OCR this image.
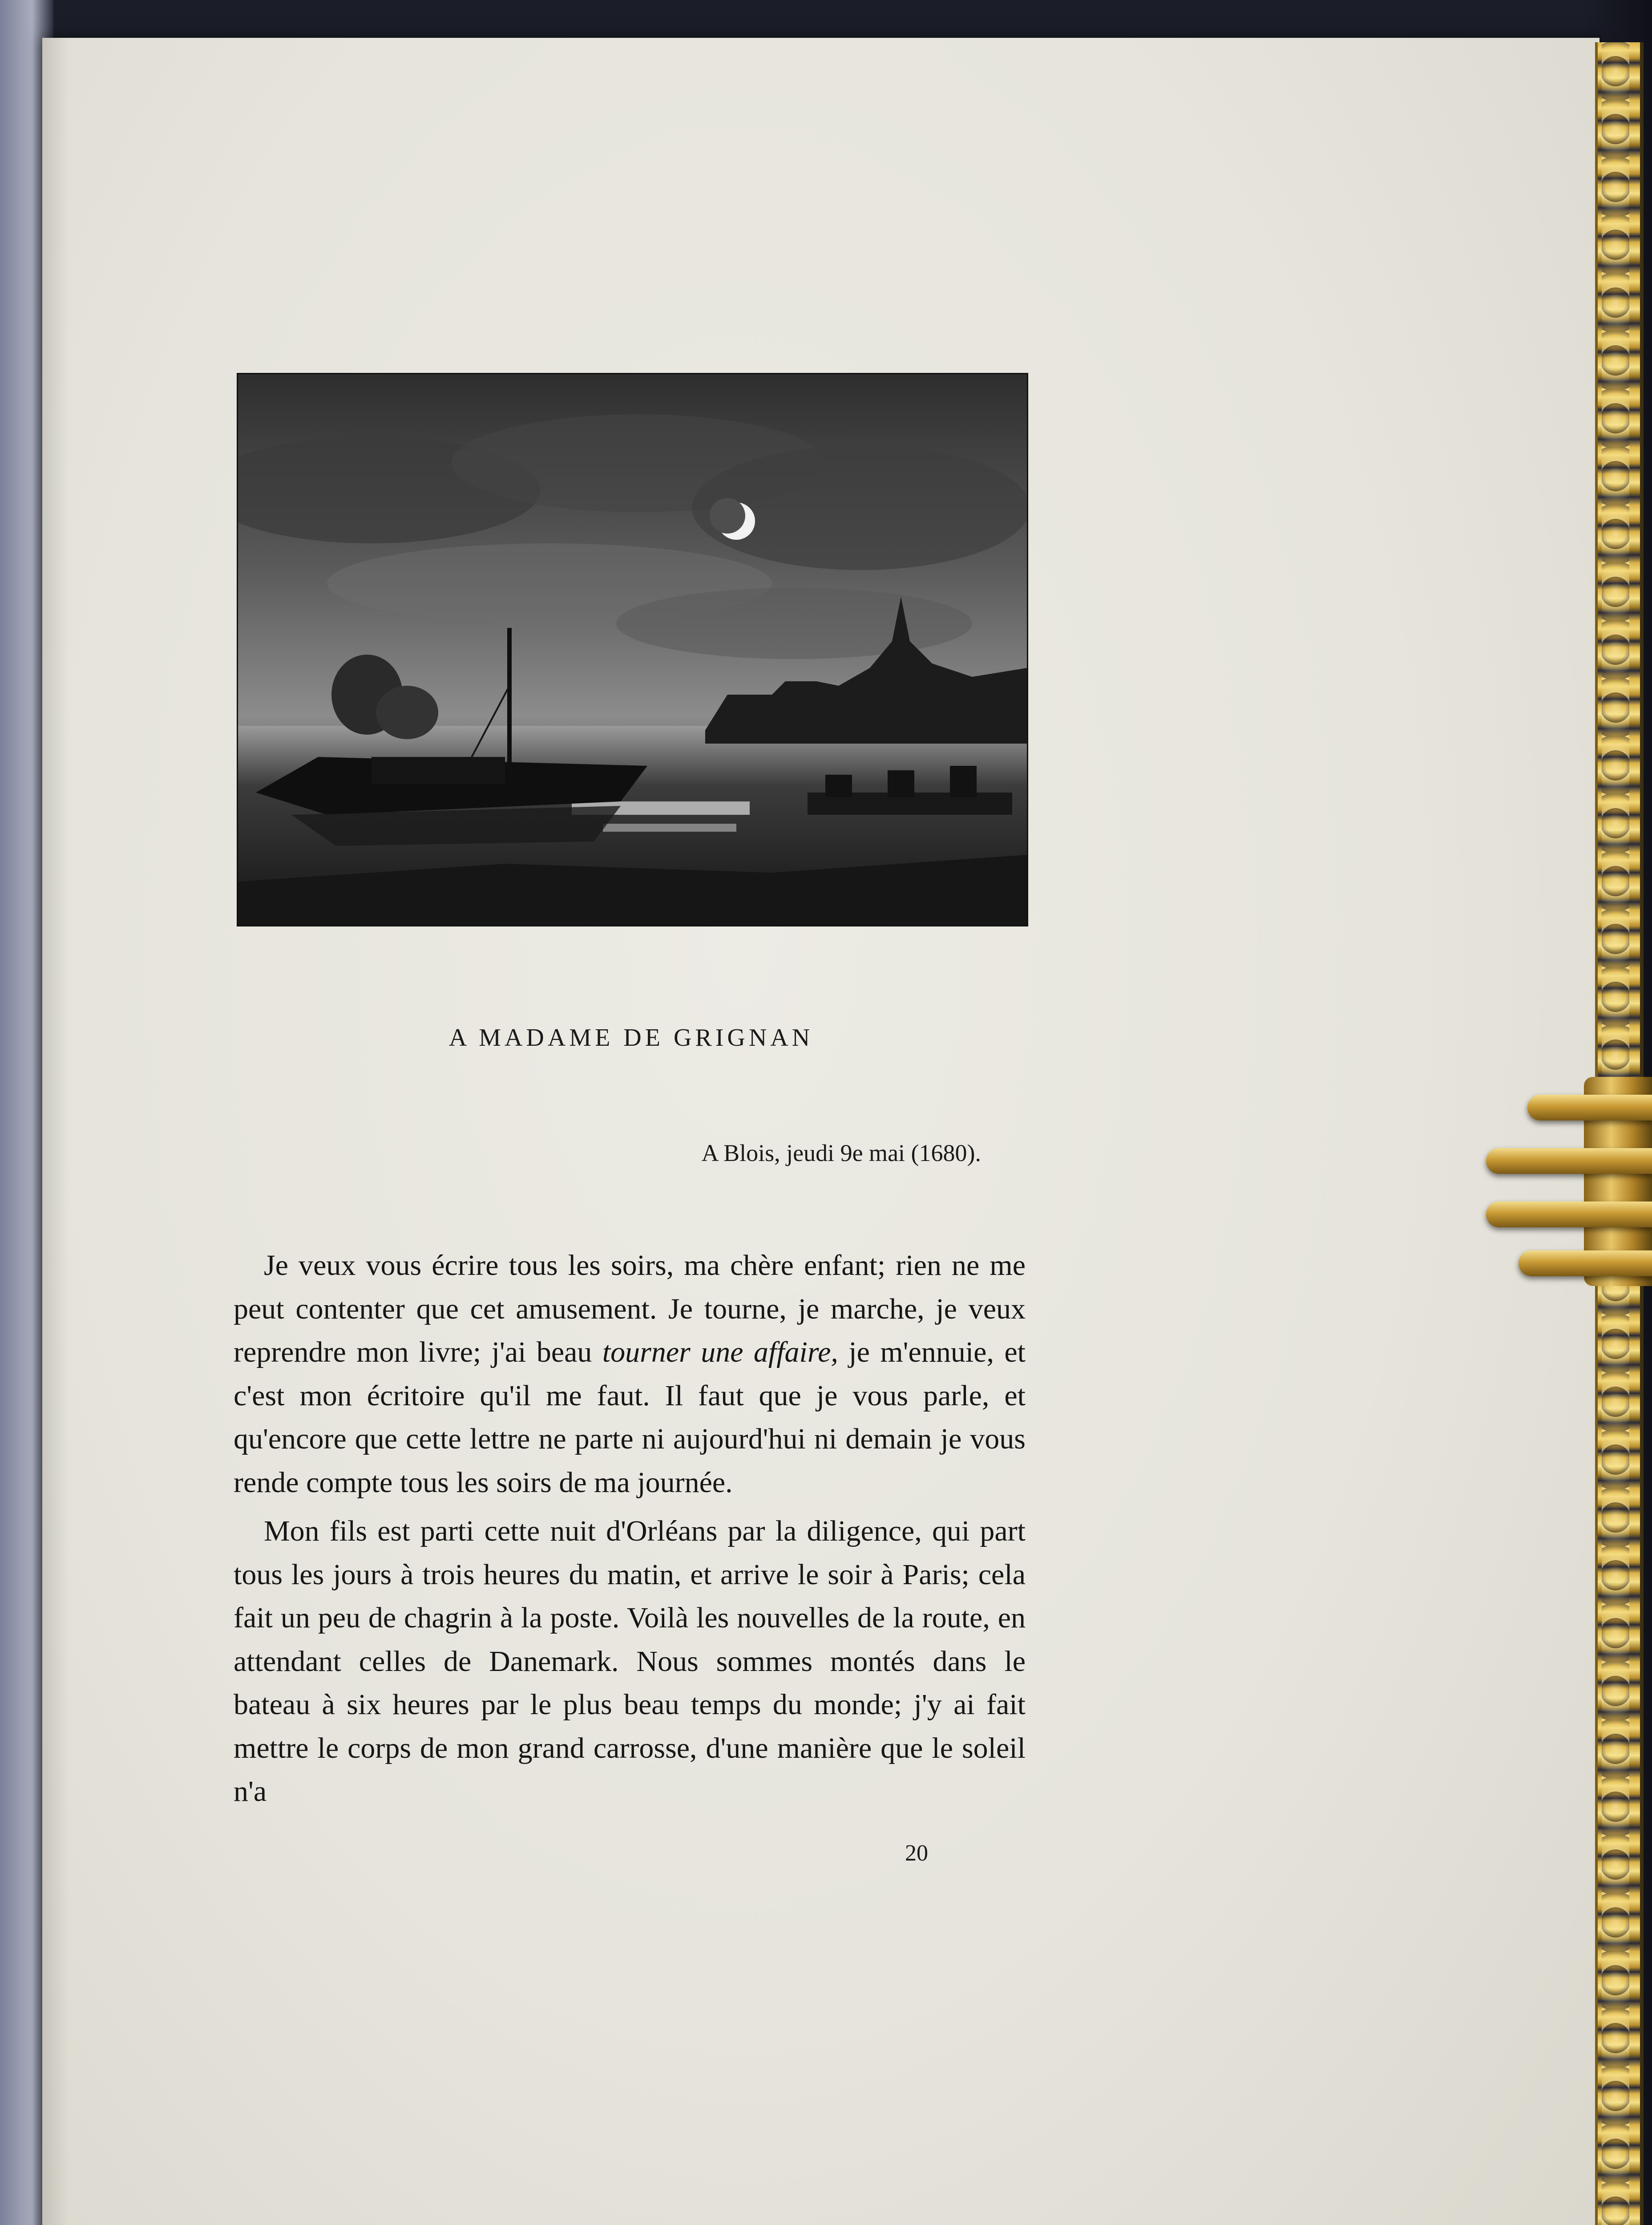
A MADAME DE GRIGNAN
A Blois, jeudi 9e mai (1680).

Je veux vous écrire tous les soirs, ma chère enfant; rien ne me peut contenter que cet amusement. Je tourne, je marche, je veux reprendre mon livre; j'ai beau tourner une affaire, je m'ennuie, et c'est mon écritoire qu'il me faut. Il faut que je vous parle, et qu'encore que cette lettre ne parte ni aujourd'hui ni demain je vous rende compte tous les soirs de ma journée.

Mon fils est parti cette nuit d'Orléans par la diligence, qui part tous les jours à trois heures du matin, et arrive le soir à Paris; cela fait un peu de chagrin à la poste. Voilà les nouvelles de la route, en attendant celles de Danemark. Nous sommes montés dans le bateau à six heures par le plus beau temps du monde; j'y ai fait mettre le corps de mon grand carrosse, d'une manière que le soleil n'a

20
